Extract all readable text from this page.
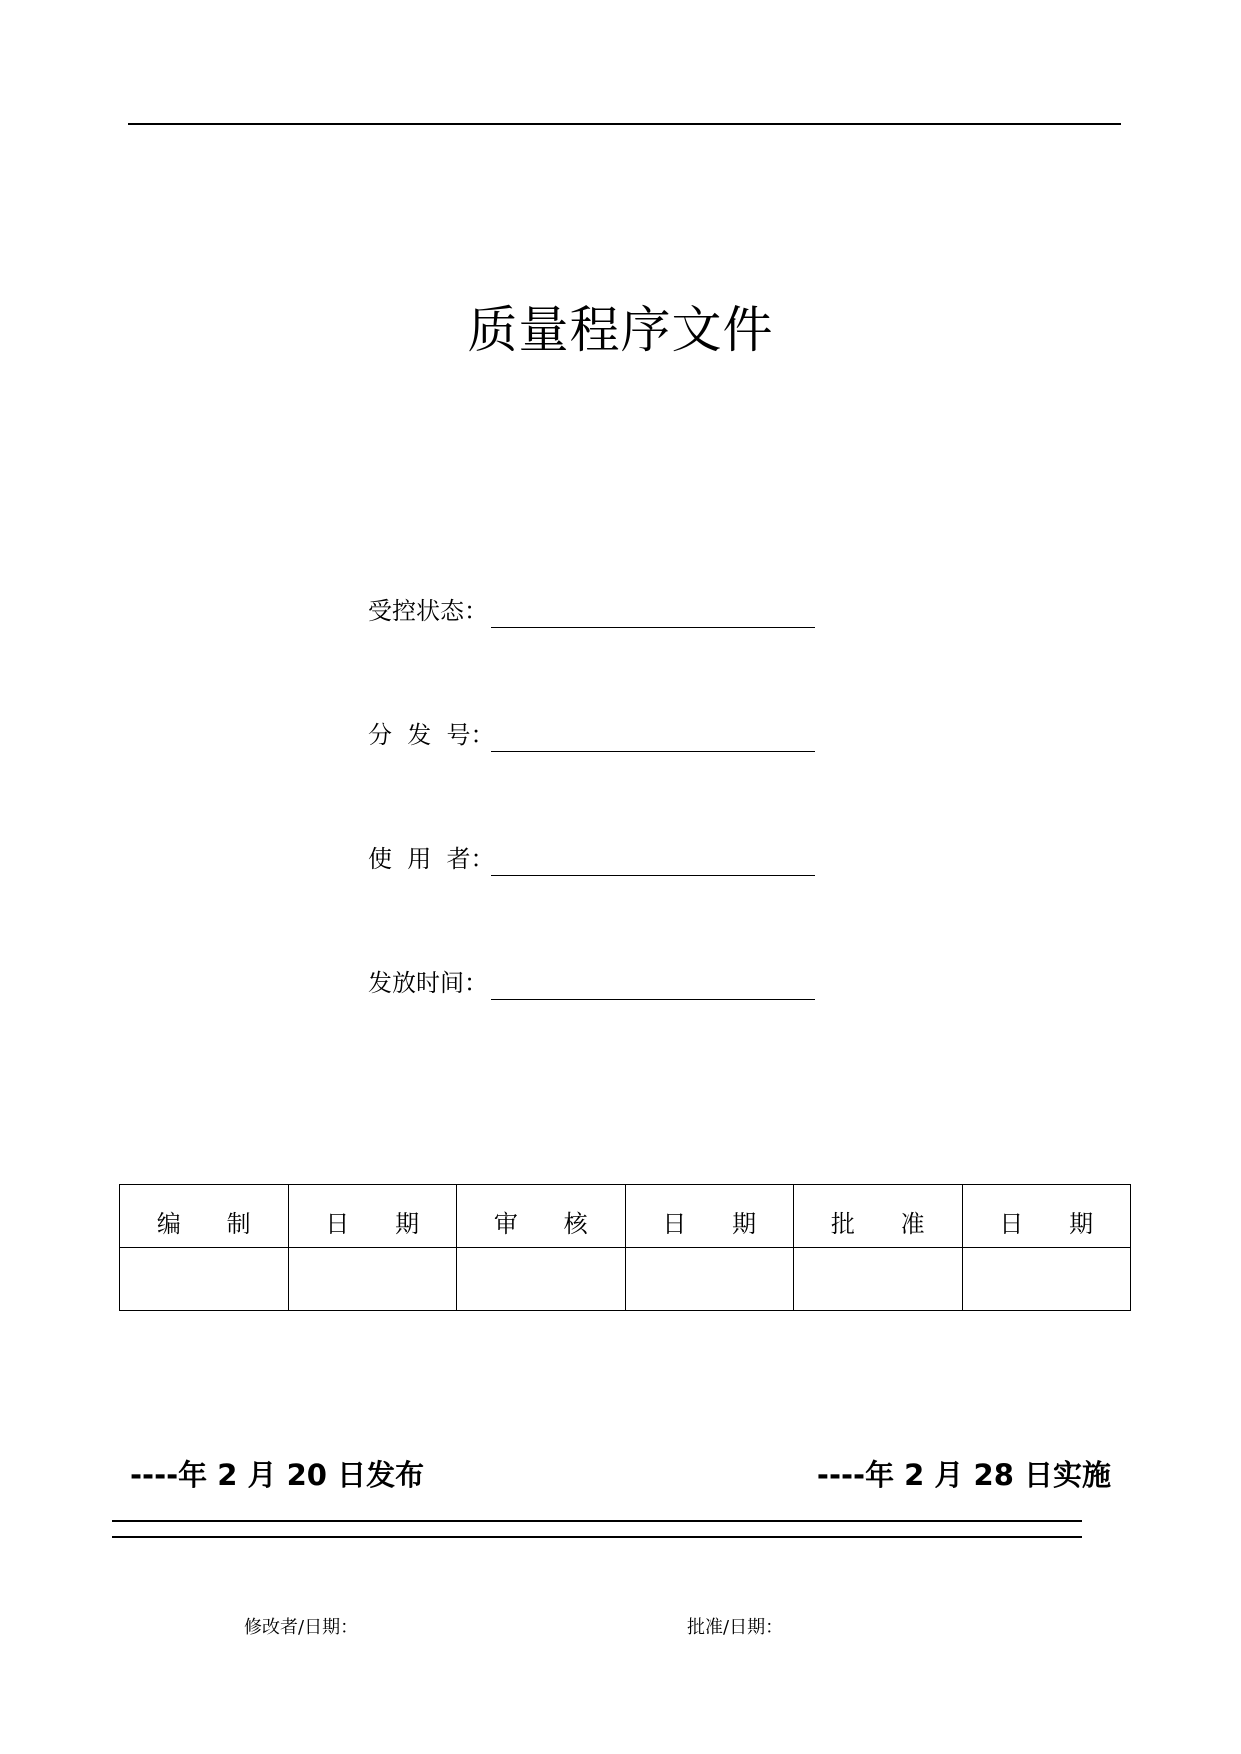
质量程序文件
受控状态：
分  发  号：
使  用  者：
发放时间：
编      制	日      期	审      核	日      期	批      准	日      期

----年 2 月 20 日发布	----年 2 月 28 日实施
修改者/日期：	批准/日期：
